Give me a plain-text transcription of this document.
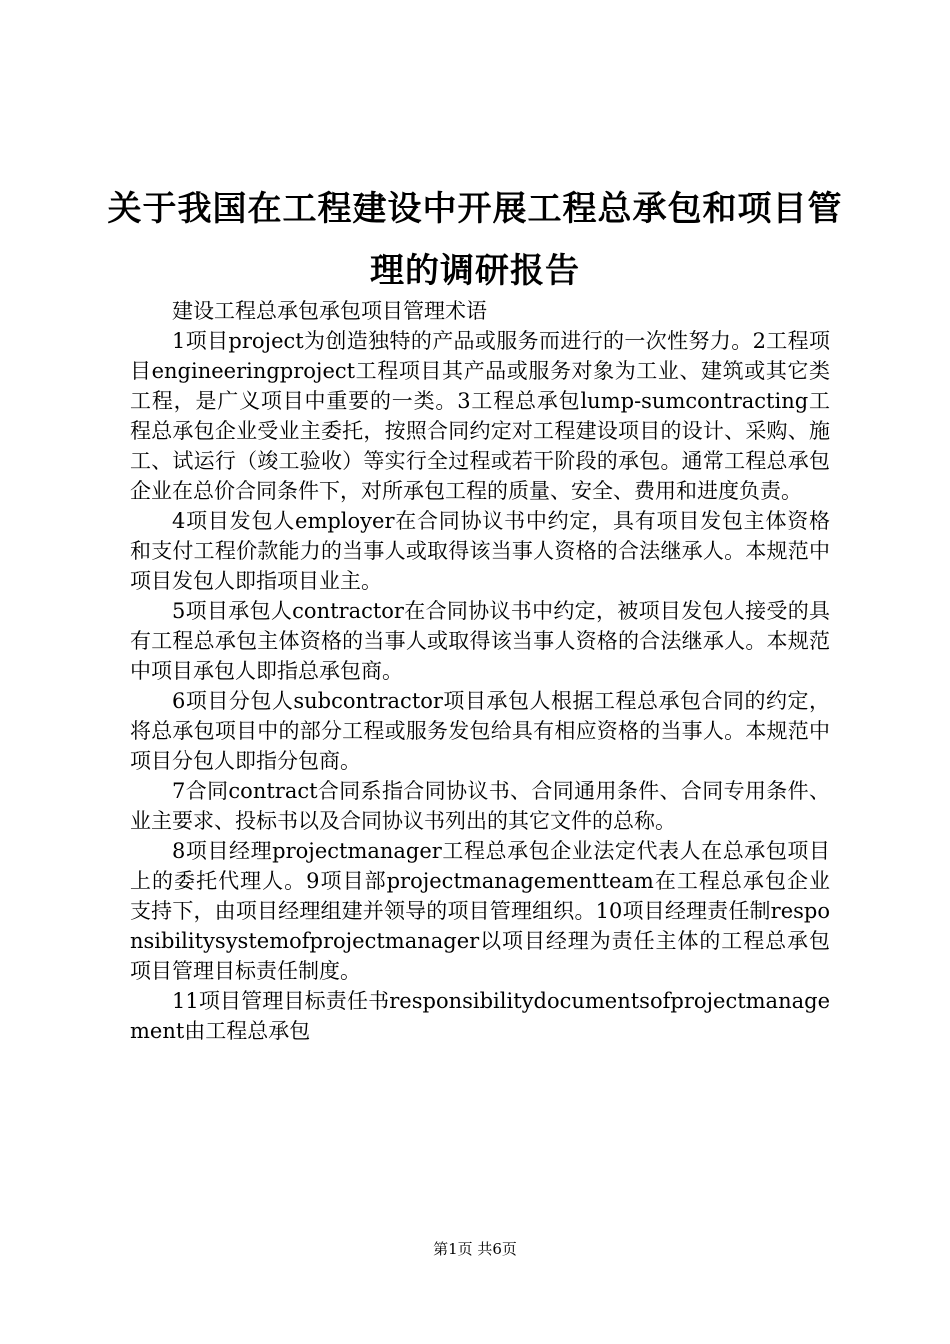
关于我国在工程建设中开展工程总承包和项目管理的调研报告

建设工程总承包承包项目管理术语

1项目project为创造独特的产品或服务而进行的一次性努力。2工程项目engineeringproject工程项目其产品或服务对象为工业、建筑或其它类工程，是广义项目中重要的一类。3工程总承包lump-sumcontracting工程总承包企业受业主委托，按照合同约定对工程建设项目的设计、采购、施工、试运行（竣工验收）等实行全过程或若干阶段的承包。通常工程总承包企业在总价合同条件下，对所承包工程的质量、安全、费用和进度负责。

4项目发包人employer在合同协议书中约定，具有项目发包主体资格和支付工程价款能力的当事人或取得该当事人资格的合法继承人。本规范中项目发包人即指项目业主。

5项目承包人contractor在合同协议书中约定，被项目发包人接受的具有工程总承包主体资格的当事人或取得该当事人资格的合法继承人。本规范中项目承包人即指总承包商。

6项目分包人subcontractor项目承包人根据工程总承包合同的约定，将总承包项目中的部分工程或服务发包给具有相应资格的当事人。本规范中项目分包人即指分包商。

7合同contract合同系指合同协议书、合同通用条件、合同专用条件、业主要求、投标书以及合同协议书列出的其它文件的总称。

8项目经理projectmanager工程总承包企业法定代表人在总承包项目上的委托代理人。9项目部projectmanagementteam在工程总承包企业支持下，由项目经理组建并领导的项目管理组织。10项目经理责任制responsibilitysystemofprojectmanager以项目经理为责任主体的工程总承包项目管理目标责任制度。

11项目管理目标责任书responsibilitydocumentsofprojectmanagement由工程总承包

第1页 共6页
